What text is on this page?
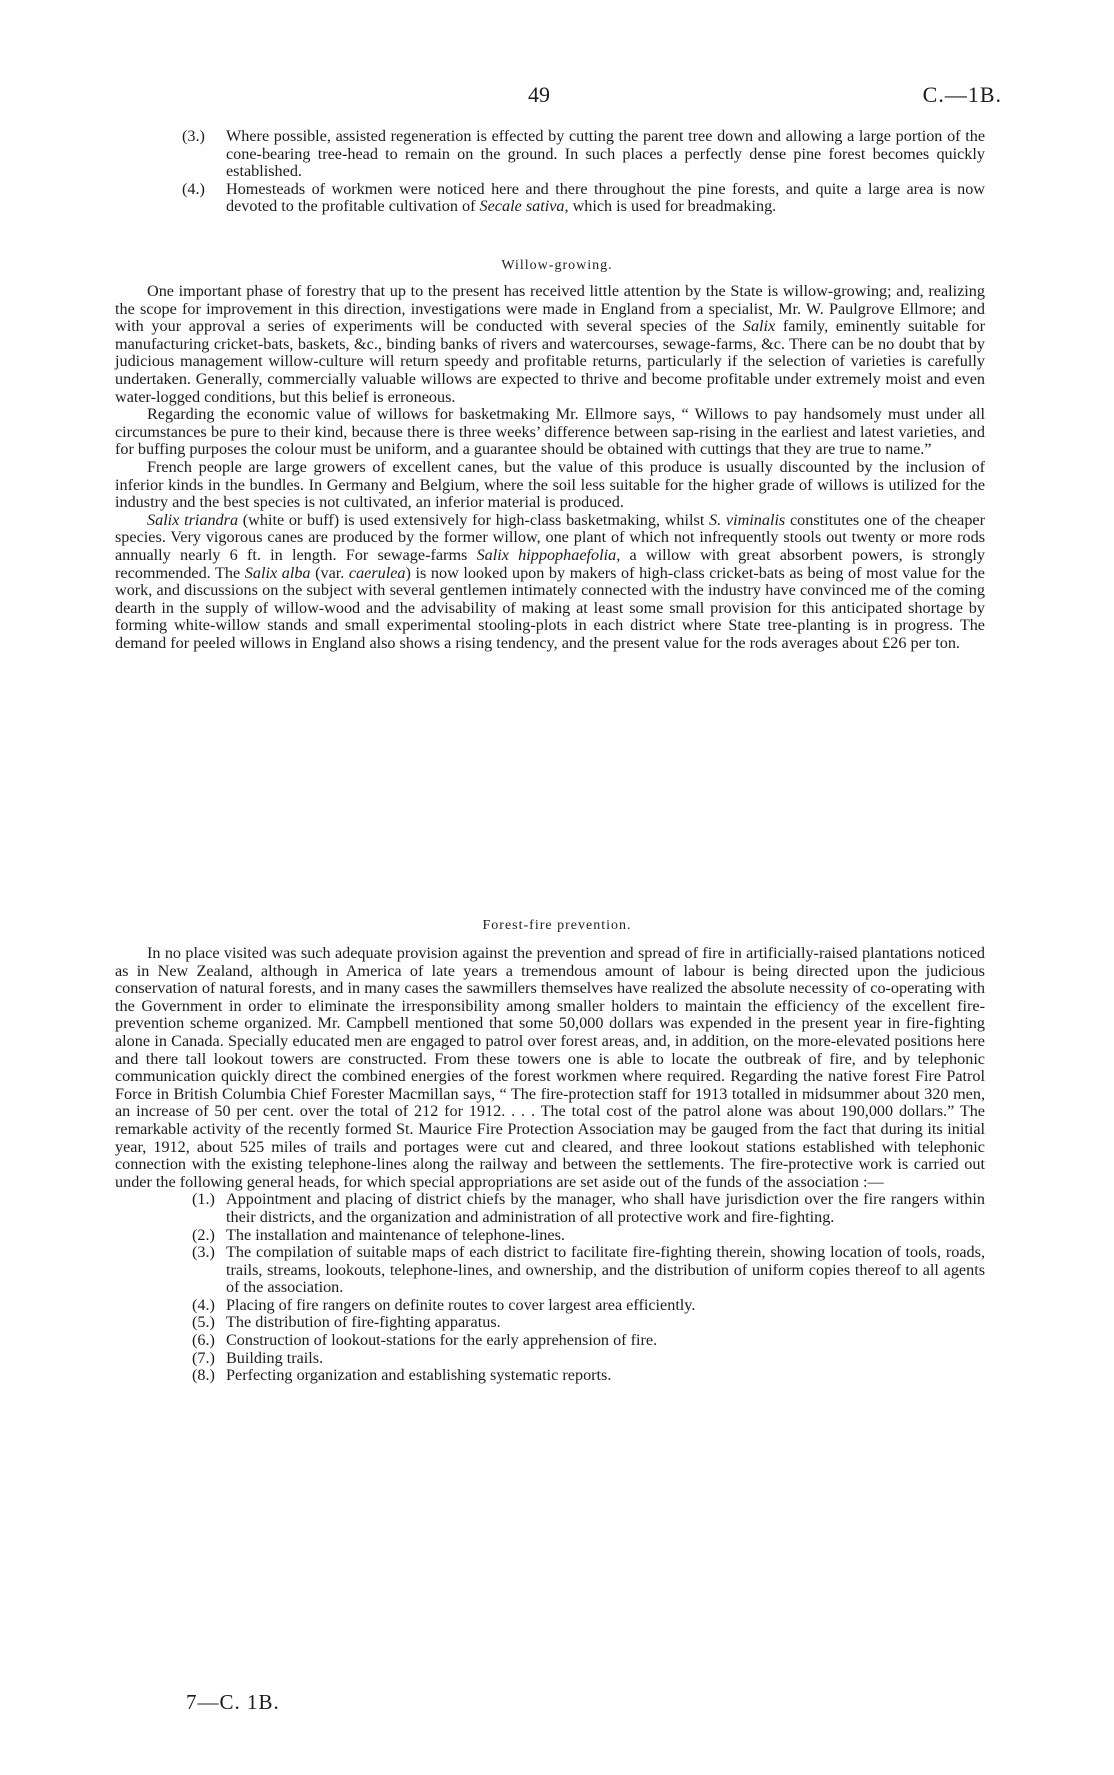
49	C.—1B.
(3.) Where possible, assisted regeneration is effected by cutting the parent tree down and allowing a large portion of the cone-bearing tree-head to remain on the ground. In such places a perfectly dense pine forest becomes quickly established.
(4.) Homesteads of workmen were noticed here and there throughout the pine forests, and quite a large area is now devoted to the profitable cultivation of Secale sativa, which is used for breadmaking.
Willow-growing.

One important phase of forestry that up to the present has received little attention by the State is willow-growing; and, realizing the scope for improvement in this direction, investigations were made in England from a specialist, Mr. W. Paulgrove Ellmore; and with your approval a series of experiments will be conducted with several species of the Salix family, eminently suitable for manufacturing cricket-bats, baskets, &c., binding banks of rivers and watercourses, sewage-farms, &c. There can be no doubt that by judicious management willow-culture will return speedy and profitable returns, particularly if the selection of varieties is carefully undertaken. Generally, commercially valuable willows are expected to thrive and become profitable under extremely moist and even water-logged conditions, but this belief is erroneous.

Regarding the economic value of willows for basketmaking Mr. Ellmore says, “ Willows to pay handsomely must under all circumstances be pure to their kind, because there is three weeks’ difference between sap-rising in the earliest and latest varieties, and for buffing purposes the colour must be uniform, and a guarantee should be obtained with cuttings that they are true to name.”

French people are large growers of excellent canes, but the value of this produce is usually discounted by the inclusion of inferior kinds in the bundles. In Germany and Belgium, where the soil less suitable for the higher grade of willows is utilized for the industry and the best species is not cultivated, an inferior material is produced.

Salix triandra (white or buff) is used extensively for high-class basketmaking, whilst S. viminalis constitutes one of the cheaper species. Very vigorous canes are produced by the former willow, one plant of which not infrequently stools out twenty or more rods annually nearly 6 ft. in length. For sewage-farms Salix hippophaefolia, a willow with great absorbent powers, is strongly recommended. The Salix alba (var. caerulea) is now looked upon by makers of high-class cricket-bats as being of most value for the work, and discussions on the subject with several gentlemen intimately connected with the industry have convinced me of the coming dearth in the supply of willow-wood and the advisability of making at least some small provision for this anticipated shortage by forming white-willow stands and small experimental stooling-plots in each district where State tree-planting is in progress. The demand for peeled willows in England also shows a rising tendency, and the present value for the rods averages about £26 per ton.

Forest-fire prevention.

In no place visited was such adequate provision against the prevention and spread of fire in artificially-raised plantations noticed as in New Zealand, although in America of late years a tremendous amount of labour is being directed upon the judicious conservation of natural forests, and in many cases the sawmillers themselves have realized the absolute necessity of co-operating with the Government in order to eliminate the irresponsibility among smaller holders to maintain the efficiency of the excellent fire-prevention scheme organized. Mr. Campbell mentioned that some 50,000 dollars was expended in the present year in fire-fighting alone in Canada. Specially educated men are engaged to patrol over forest areas, and, in addition, on the more-elevated positions here and there tall lookout towers are constructed. From these towers one is able to locate the outbreak of fire, and by telephonic communication quickly direct the combined energies of the forest workmen where required. Regarding the native forest Fire Patrol Force in British Columbia Chief Forester Macmillan says, “ The fire-protection staff for 1913 totalled in midsummer about 320 men, an increase of 50 per cent. over the total of 212 for 1912. . . . The total cost of the patrol alone was about 190,000 dollars.” The remarkable activity of the recently formed St. Maurice Fire Protection Association may be gauged from the fact that during its initial year, 1912, about 525 miles of trails and portages were cut and cleared, and three lookout stations established with telephonic connection with the existing telephone-lines along the railway and between the settlements. The fire-protective work is carried out under the following general heads, for which special appropriations are set aside out of the funds of the association :—

(1.) Appointment and placing of district chiefs by the manager, who shall have jurisdiction over the fire rangers within their districts, and the organization and administration of all protective work and fire-fighting.
(2.) The installation and maintenance of telephone-lines.
(3.) The compilation of suitable maps of each district to facilitate fire-fighting therein, showing location of tools, roads, trails, streams, lookouts, telephone-lines, and ownership, and the distribution of uniform copies thereof to all agents of the association.
(4.) Placing of fire rangers on definite routes to cover largest area efficiently.
(5.) The distribution of fire-fighting apparatus.
(6.) Construction of lookout-stations for the early apprehension of fire.
(7.) Building trails.
(8.) Perfecting organization and establishing systematic reports.
7—C. 1B.
